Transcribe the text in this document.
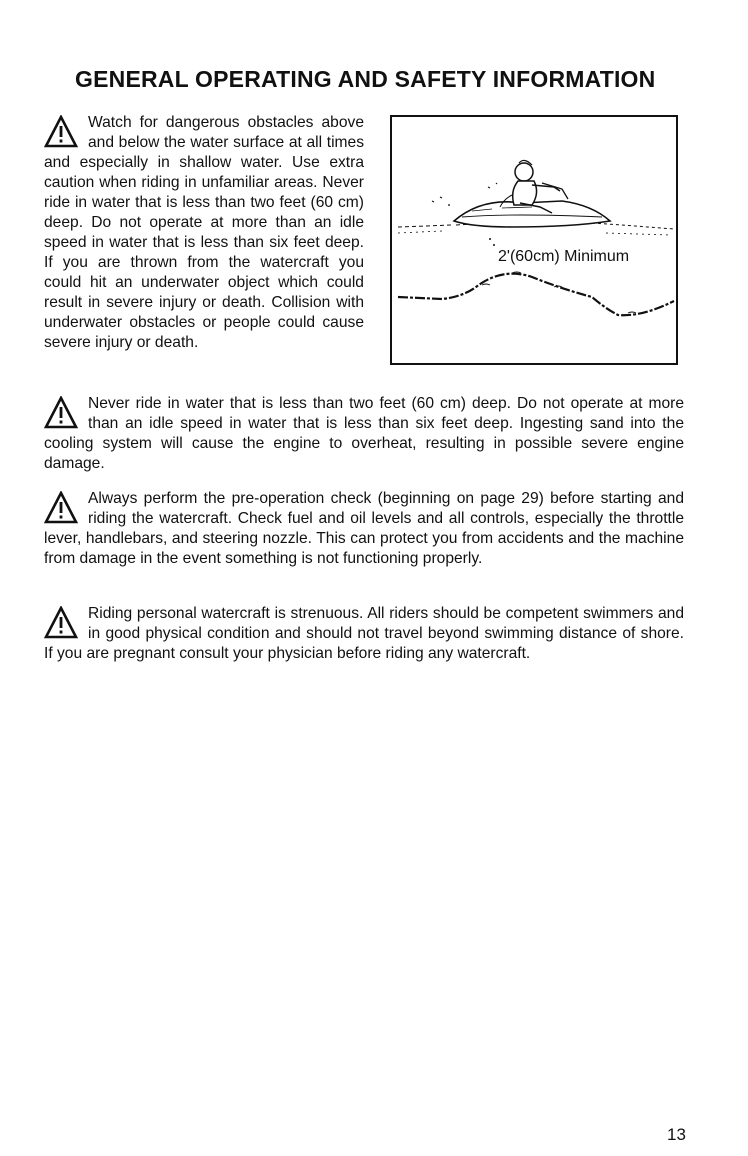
GENERAL OPERATING AND SAFETY INFORMATION

Watch for dangerous obstacles above and below the water surface at all times and especially in shallow water. Use extra caution when riding in unfamiliar areas. Never ride in water that is less than two feet (60 cm) deep. Do not operate at more than an idle speed in water that is less than six feet deep. If you are thrown from the watercraft you could hit an underwater object which could result in severe injury or death. Collision with underwater obstacles or people could cause severe injury or death.

2'(60cm) Minimum

Never ride in water that is less than two feet (60 cm) deep. Do not operate at more than an idle speed in water that is less than six feet deep. Ingesting sand into the cooling system will cause the engine to overheat, resulting in possible severe engine damage.

Always perform the pre-operation check (beginning on page 29) before starting and riding the watercraft. Check fuel and oil levels and all controls, especially the throttle lever, handlebars, and steering nozzle. This can protect you from accidents and the machine from damage in the event something is not functioning properly.

Riding personal watercraft is strenuous. All riders should be competent swimmers and in good physical condition and should not travel beyond swimming distance of shore. If you are pregnant consult your physician before riding any watercraft.

13
